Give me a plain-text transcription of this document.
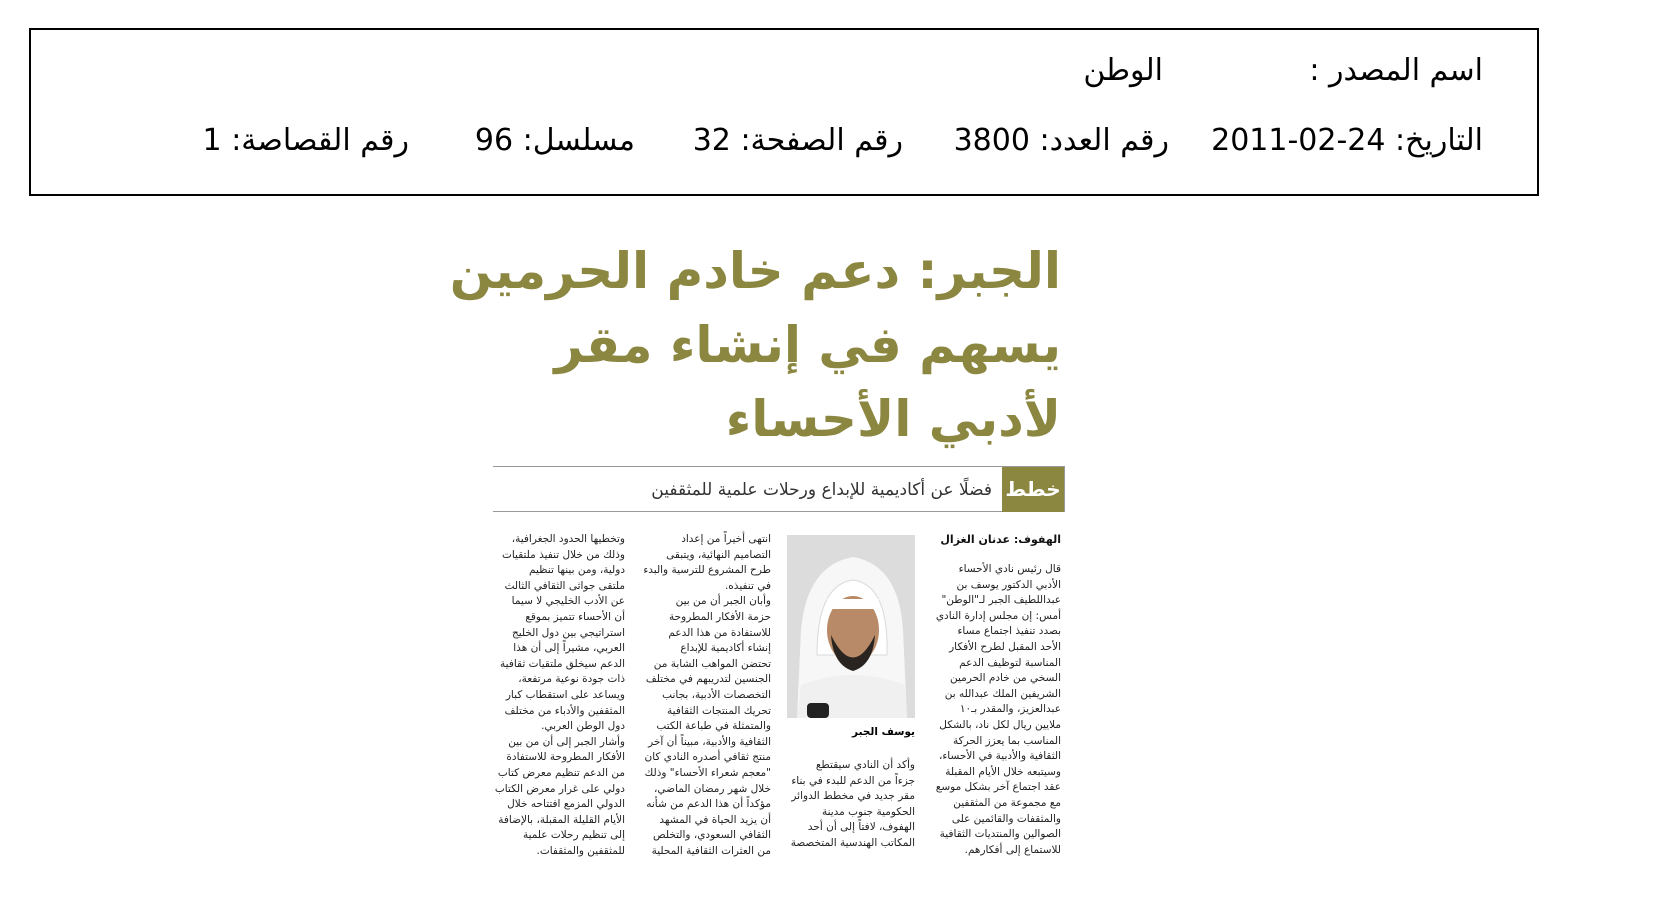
اسم المصدر :
الوطن
التاريخ: 2011-02-24
رقم العدد: 3800
رقم الصفحة: 32
مسلسل: 96
رقم القصاصة: 1
الجبر: دعم خادم الحرمين
يسهم في إنشاء مقر
لأدبي الأحساء
خطط
فضلًا عن أكاديمية للإبداع ورحلات علمية للمثقفين
الهفوف: عدنان الغزال
قال رئيس نادي الأحساء
الأدبي الدكتور يوسف بن
عبداللطيف الجبر لـ"الوطن"
أمس: إن مجلس إدارة النادي
بصدد تنفيذ اجتماع مساء
الأحد المقبل لطرح الأفكار
المناسبة لتوظيف الدعم
السخي من خادم الحرمين
الشريفين الملك عبدالله بن
عبدالعزيز، والمقدر بـ١٠
ملايين ريال لكل ناد، بالشكل
المناسب بما يعزز الحركة
الثقافية والأدبية في الأحساء،
وسيتبعه خلال الأيام المقبلة
عقد اجتماع آخر بشكل موسع
مع مجموعة من المثقفين
والمثقفات والقائمين على
الصوالين والمنتديات الثقافية
للاستماع إلى أفكارهم.
يوسف الجبر
وأكد أن النادي سيقتطع
جزءاً من الدعم للبدء في بناء
مقر جديد في مخطط الدوائر
الحكومية جنوب مدينة
الهفوف، لافتاً إلى أن أحد
المكاتب الهندسية المتخصصة
انتهى أخيراً من إعداد
التصاميم النهائية، ويتبقى
طرح المشروع للترسية والبدء
في تنفيذه.
وأبان الجبر أن من بين
حزمة الأفكار المطروحة
للاستفادة من هذا الدعم
إنشاء أكاديمية للإبداع
تحتضن المواهب الشابة من
الجنسين لتدريبهم في مختلف
التخصصات الأدبية، بجانب
تحريك المنتجات الثقافية
والمتمثلة في طباعة الكتب
الثقافية والأدبية، مبيناً أن آخر
منتج ثقافي أصدره النادي كان
"معجم شعراء الأحساء" وذلك
خلال شهر رمضان الماضي،
مؤكداً أن هذا الدعم من شأنه
أن يزيد الحياة في المشهد
الثقافي السعودي، والتخلص
من العثرات الثقافية المحلية
وتخطيها الحدود الجغرافية،
وذلك من خلال تنفيذ ملتقيات
دولية، ومن بينها تنظيم
ملتقى جواثى الثقافي الثالث
عن الأدب الخليجي لا سيما
أن الأحساء تتميز بموقع
استراتيجي بين دول الخليج
العربي، مشيراً إلى أن هذا
الدعم سيخلق ملتقيات ثقافية
ذات جودة نوعية مرتفعة،
ويساعد على استقطاب كبار
المثقفين والأدباء من مختلف
دول الوطن العربي.
وأشار الجبر إلى أن من بين
الأفكار المطروحة للاستفادة
من الدعم تنظيم معرض كتاب
دولي على غرار معرض الكتاب
الدولي المزمع افتتاحه خلال
الأيام القليلة المقبلة، بالإضافة
إلى تنظيم رحلات علمية
للمثقفين والمثقفات.
